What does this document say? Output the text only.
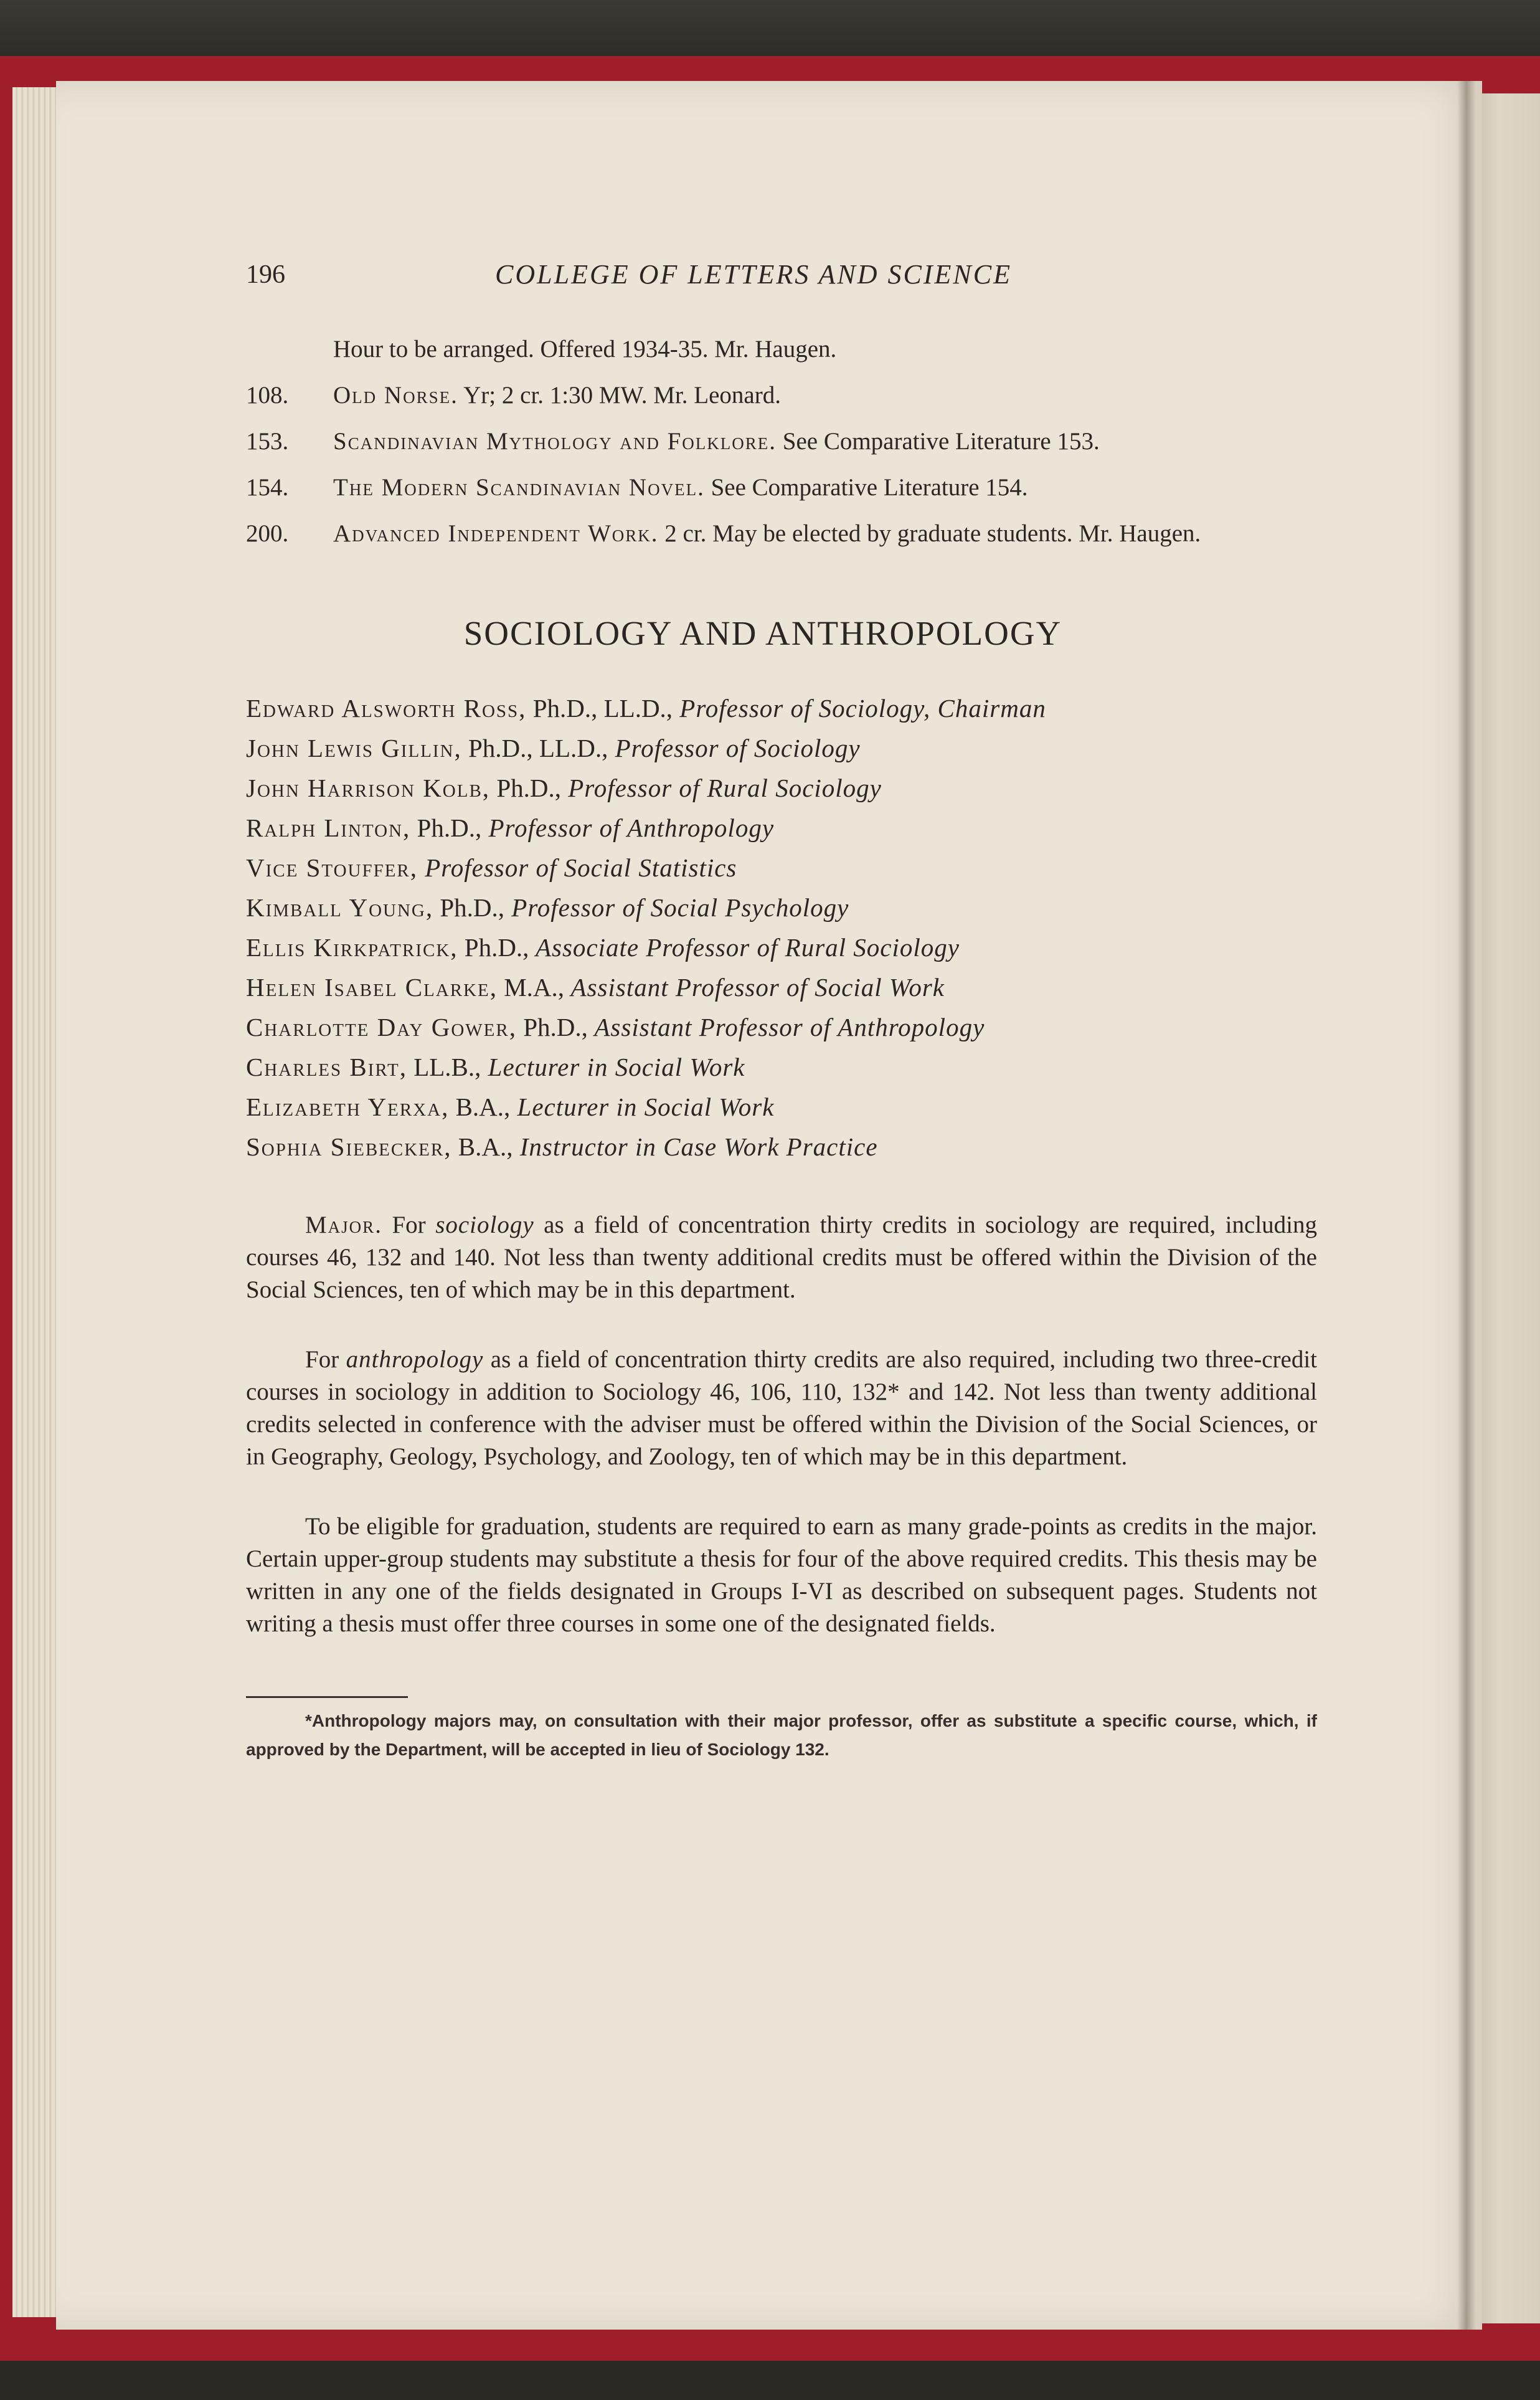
196	COLLEGE OF LETTERS AND SCIENCE
Hour to be arranged. Offered 1934-35. Mr. Haugen.
108. Old Norse. Yr; 2 cr. 1:30 MW. Mr. Leonard.
153. Scandinavian Mythology and Folklore. See Comparative Literature 153.
154. The Modern Scandinavian Novel. See Comparative Literature 154.
200. Advanced Independent Work. 2 cr. May be elected by graduate students. Mr. Haugen.
SOCIOLOGY AND ANTHROPOLOGY
Edward Alsworth Ross, Ph.D., LL.D., Professor of Sociology, Chairman
John Lewis Gillin, Ph.D., LL.D., Professor of Sociology
John Harrison Kolb, Ph.D., Professor of Rural Sociology
Ralph Linton, Ph.D., Professor of Anthropology
Vice Stouffer, Professor of Social Statistics
Kimball Young, Ph.D., Professor of Social Psychology
Ellis Kirkpatrick, Ph.D., Associate Professor of Rural Sociology
Helen Isabel Clarke, M.A., Assistant Professor of Social Work
Charlotte Day Gower, Ph.D., Assistant Professor of Anthropology
Charles Birt, LL.B., Lecturer in Social Work
Elizabeth Yerxa, B.A., Lecturer in Social Work
Sophia Siebecker, B.A., Instructor in Case Work Practice

Major. For sociology as a field of concentration thirty credits in sociology are required, including courses 46, 132 and 140. Not less than twenty additional credits must be offered within the Division of the Social Sciences, ten of which may be in this department.

For anthropology as a field of concentration thirty credits are also required, including two three-credit courses in sociology in addition to Sociology 46, 106, 110, 132* and 142. Not less than twenty additional credits selected in conference with the adviser must be offered within the Division of the Social Sciences, or in Geography, Geology, Psychology, and Zoology, ten of which may be in this department.

To be eligible for graduation, students are required to earn as many grade-points as credits in the major. Certain upper-group students may substitute a thesis for four of the above required credits. This thesis may be written in any one of the fields designated in Groups I-VI as described on subsequent pages. Students not writing a thesis must offer three courses in some one of the designated fields.

*Anthropology majors may, on consultation with their major professor, offer as substitute a specific course, which, if approved by the Department, will be accepted in lieu of Sociology 132.
